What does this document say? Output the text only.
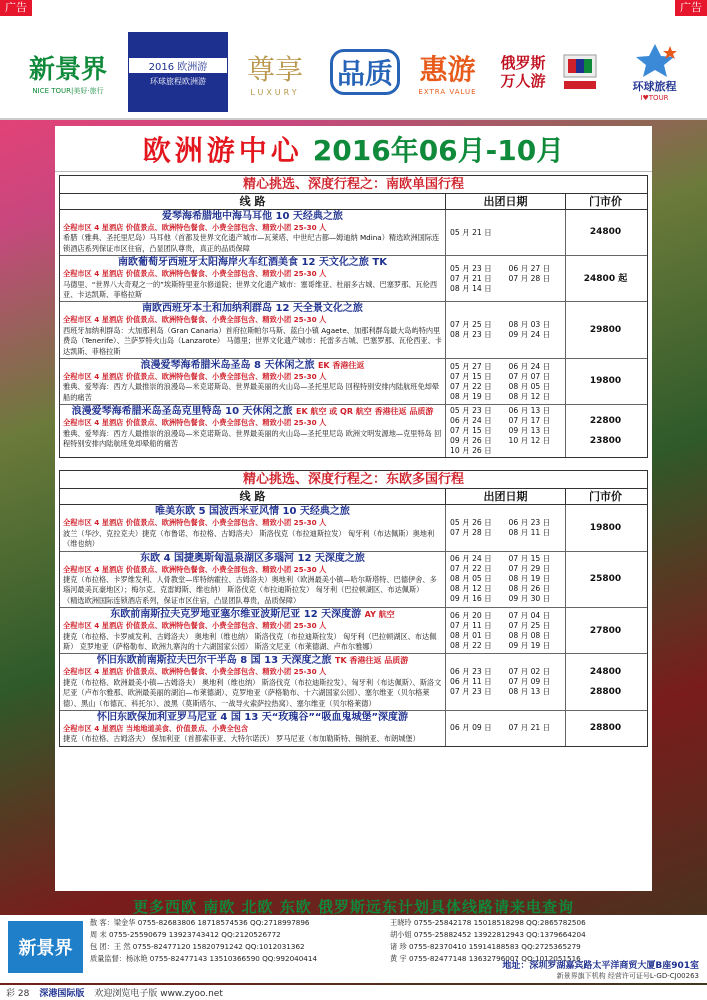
广告	广告
新景界
NICE TOUR|美好·旅行
2016 欧洲游
环球旅程欧洲游 尊享
LUXURY
品质 惠游
EXTRA VALUE
俄罗斯万人游	环球旅程
I♥TOUR
欧洲游中心 2016年06月-10月
精心挑选、深度行程之：南欧单国行程
线 路	出团日期	门市价
爱琴海希腊地中海马耳他 10 天经典之旅
全程市区 4 星酒店 价值景点、欧洲特色餐食、小费全部包含、精致小团 25-30 人
希腊（雅典、圣托里尼岛）马耳他（首都及世界文化遗产城市—瓦莱塔、中世纪古都—姆迪纳 Mdina）精选欧洲国际连锁酒店系列保证市区住宿，凸显团队尊贵，真正的品质保障
05 月 21 日	24800
南欧葡萄牙西班牙太阳海岸火车红酒美食 12 天文化之旅 TK
全程市区 4 星酒店 价值景点、欧洲特色餐食、小费全部包含、精致小团 25-30 人
马德里、“世界八大奇观之一的”埃斯特里亚尔修道院；世界文化遗产城市：塞哥维亚、杜丽多古城、巴塞罗那、瓦伦西亚、卡达凯斯、菲格拉斯
05 月 23 日	06 月 27 日
07 月 21 日	07 月 28 日
08 月 14 日
24800 起
南欧西班牙本土和加纳利群岛 12 天全景文化之旅
全程市区 4 星酒店 价值景点、欧洲特色餐食、小费全部包含、精致小团 25-30 人
西班牙加纳利群岛：大加那利岛（Gran Canaria）首府拉斯帕尔马斯、蓝白小镇 Agaete、加那利群岛最大岛屿特内里费岛（Tenerife）、兰萨罗特火山岛（Lanzarote） 马德里；世界文化遗产城市：托雷多古城、巴塞罗那、瓦伦西亚、卡达凯斯、菲格拉斯
07 月 25 日	08 月 03 日
08 月 23 日	09 月 24 日	29800
浪漫爱琴海希腊米岛圣岛 8 天休闲之旅 EK 香港往返
全程市区 4 星酒店 价值景点、欧洲特色餐食、小费全部包含、精致小团 25-30 人
雅典、爱琴海：西方人最推崇的浪漫岛—米克诺斯岛、世界最美丽的火山岛—圣托里尼岛 回程特别安排内陆航班免却晕船的痛苦
05 月 27 日	06 月 24 日
07 月 15 日	07 月 07 日
07 月 22 日	08 月 05 日
08 月 19 日	08 月 12 日
19800
浪漫爱琴海希腊米岛圣岛克里特岛 10 天休闲之旅 EK 航空 或 QR 航空 香港往返 品质游
全程市区 4 星酒店 价值景点、欧洲特色餐食、小费全部包含、精致小团 25-30 人
雅典、爱琴海：西方人最推崇的浪漫岛—米克诺斯岛、世界最美丽的火山岛—圣托里尼岛 欧洲文明发源地—克里特岛 回程特别安排内陆航班免却晕船的痛苦
05 月 23 日	06 月 13 日
06 月 24 日	07 月 17 日
07 月 15 日	09 月 13 日
09 月 26 日	10 月 12 日
10 月 26 日
22800
23800
精心挑选、深度行程之：东欧多国行程
线 路	出团日期	门市价
唯美东欧 5 国波西米亚风情 10 天经典之旅
全程市区 4 星酒店 价值景点、欧洲特色餐食、小费全部包含、精致小团 25-30 人
波兰（华沙、克拉克夫）捷克（布鲁诺、布拉格、古姆洛夫） 斯洛伐克（布拉迪斯拉发） 匈牙利（布达佩斯）奥地利（维也纳）
05 月 26 日	06 月 23 日
07 月 28 日	08 月 11 日	19800
东欧 4 国捷奥斯匈温泉湖区多瑙河 12 天深度之旅
全程市区 4 星酒店 价值景点、欧洲特色餐食、小费全部包含、精致小团 25-30 人
捷克（布拉格、卡罗维发利、人骨教堂—库特纳霍拉、古姆洛夫）奥地利（欧洲最美小镇—哈尔斯塔特、巴德伊舍、多瑙河最美瓦豪地区）；梅尔克、克雷姆斯、维也纳） 斯洛伐克（布拉迪斯拉发） 匈牙利（巴拉顿湖区、布达佩斯）
（精选欧洲国际连锁酒店系列，保证市区住宿，凸显团队尊贵，品质保障）
06 月 24 日	07 月 15 日
07 月 22 日	07 月 29 日
08 月 05 日	08 月 19 日
08 月 12 日	08 月 26 日
09 月 16 日	09 月 30 日
25800
东欧前南斯拉夫克罗地亚塞尔维亚波斯尼亚 12 天深度游 AY 航空
全程市区 4 星酒店 价值景点、欧洲特色餐食、小费全部包含、精致小团 25-30 人
捷克（布拉格、卡罗威发利、古姆洛夫） 奥地利（维也纳） 斯洛伐克（布拉迪斯拉发） 匈牙利（巴拉顿湖区、布达佩斯） 克罗地亚（萨格勒布、欧洲九寨沟的十六湖国家公园） 斯洛文尼亚（布莱德湖、卢布尔雅娜）
06 月 20 日	07 月 04 日
07 月 11 日	07 月 25 日
08 月 01 日	08 月 08 日
08 月 22 日	09 月 19 日
27800
怀旧东欧前南斯拉夫巴尔干半岛 8 国 13 天深度之旅 TK 香港往返 品质游
全程市区 4 星酒店 价值景点、欧洲特色餐食、小费全部包含、精致小团 25-30 人
捷克（布拉格、欧洲最美小镇—古姆洛夫） 奥地利（维也纳） 斯洛伐克（布拉迪斯拉发）、匈牙利（布达佩斯）、斯洛文尼亚（卢布尔雅那、欧洲最美丽的湖泊—布莱德湖）、克罗地亚（萨格勒布、十六湖国家公园）、塞尔维亚（贝尔格莱德）、黑山（布德瓦、科托尔）、波黑（莫斯塔尔、一战导火索萨拉热窝）、塞尔维亚（贝尔格莱德）
06 月 23 日	07 月 02 日
06 月 11 日	07 月 09 日
07 月 23 日	08 月 13 日
24800
28800
怀旧东欧保加利亚罗马尼亚 4 国 13 天“玫瑰谷”“吸血鬼城堡”深度游
全程市区 4 星酒店 当地地道美食、价值景点、小费全包含
捷克（布拉格、古姆洛夫） 保加利亚（首都索菲亚、大特尔诺沃） 罗马尼亚（布加勒斯特、锡纳亚、布朗城堡）
06 月 09 日	07 月 21 日	28800
新景界
散 客：梁金华 0755-82683806 18718574536 QQ:2718997896	王晓玲 0755-25842178 15018518298 QQ:2865782506
周 末 0755-25590679 13923743412 QQ:2120526772	胡小姐 0755-25882452 13922812943 QQ:1379664204
包 团：王 然 0755-82477120 15820791242 QQ:1012031362	诸 珍 0755-82370410 15914188583 QQ:2725365279
质量监督：杨冰艳 0755-82477143 13510366590 QQ:992040414	黄 宇 0755-82477148 13632796007 QQ:1012051516
地址：深圳罗湖嘉宾路太平洋商贸大厦B座901室
新景界旗下机构 经营许可证号L-GD-CJ00263
更多西欧 南欧 北欧 东欧 俄罗斯远东计划具体线路请来电查询
彩 28 深港国际版 欢迎浏览电子版 www.zyoo.net
